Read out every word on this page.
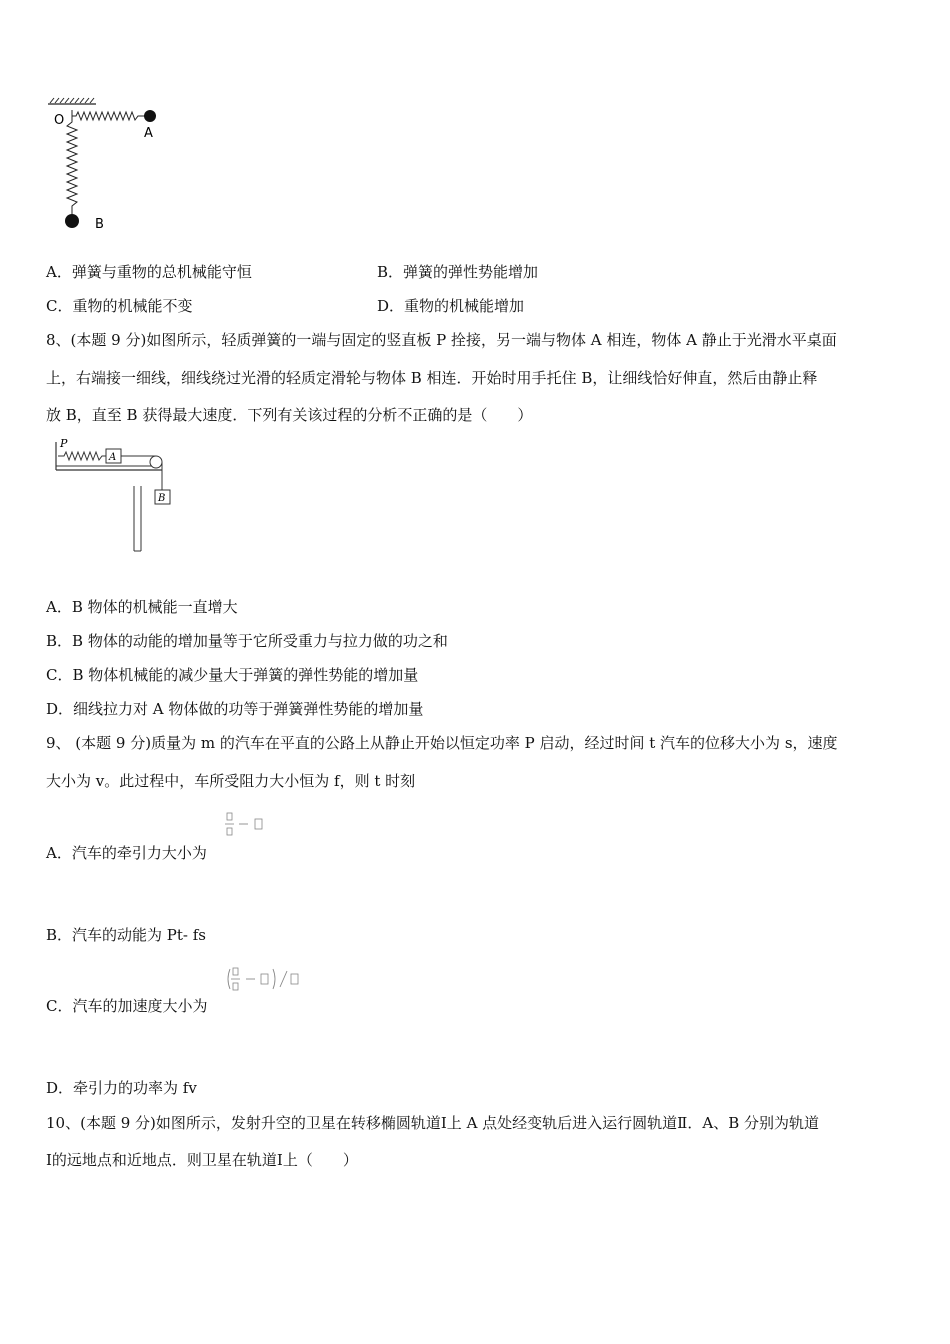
O
A
B
A．弹簧与重物的总机械能守恒	B．弹簧的弹性势能增加
C．重物的机械能不变	D．重物的机械能增加
8、(本题 9 分)如图所示，轻质弹簧的一端与固定的竖直板 P 拴接，另一端与物体 A 相连，物体 A 静止于光滑水平桌面
上，右端接一细线，细线绕过光滑的轻质定滑轮与物体 B 相连．开始时用手托住 B，让细线恰好伸直，然后由静止释
放 B，直至 B 获得最大速度．下列有关该过程的分析不正确的是（　　）
P
A
B
A．B 物体的机械能一直增大
B．B 物体的动能的增加量等于它所受重力与拉力做的功之和
C．B 物体机械能的减少量大于弹簧的弹性势能的增加量
D．细线拉力对 A 物体做的功等于弹簧弹性势能的增加量
9、 (本题 9 分)质量为 m 的汽车在平直的公路上从静止开始以恒定功率 P 启动，经过时间 t 汽车的位移大小为 s，速度
大小为 v。此过程中，车所受阻力大小恒为 f，则 t 时刻
A．汽车的牵引力大小为
B．汽车的动能为 Pt- fs
C．汽车的加速度大小为
D．牵引力的功率为 fv
10、(本题 9 分)如图所示，发射升空的卫星在转移椭圆轨道Ⅰ上 A 点处经变轨后进入运行圆轨道Ⅱ．A、B 分别为轨道
Ⅰ的远地点和近地点．则卫星在轨道Ⅰ上（　　）
